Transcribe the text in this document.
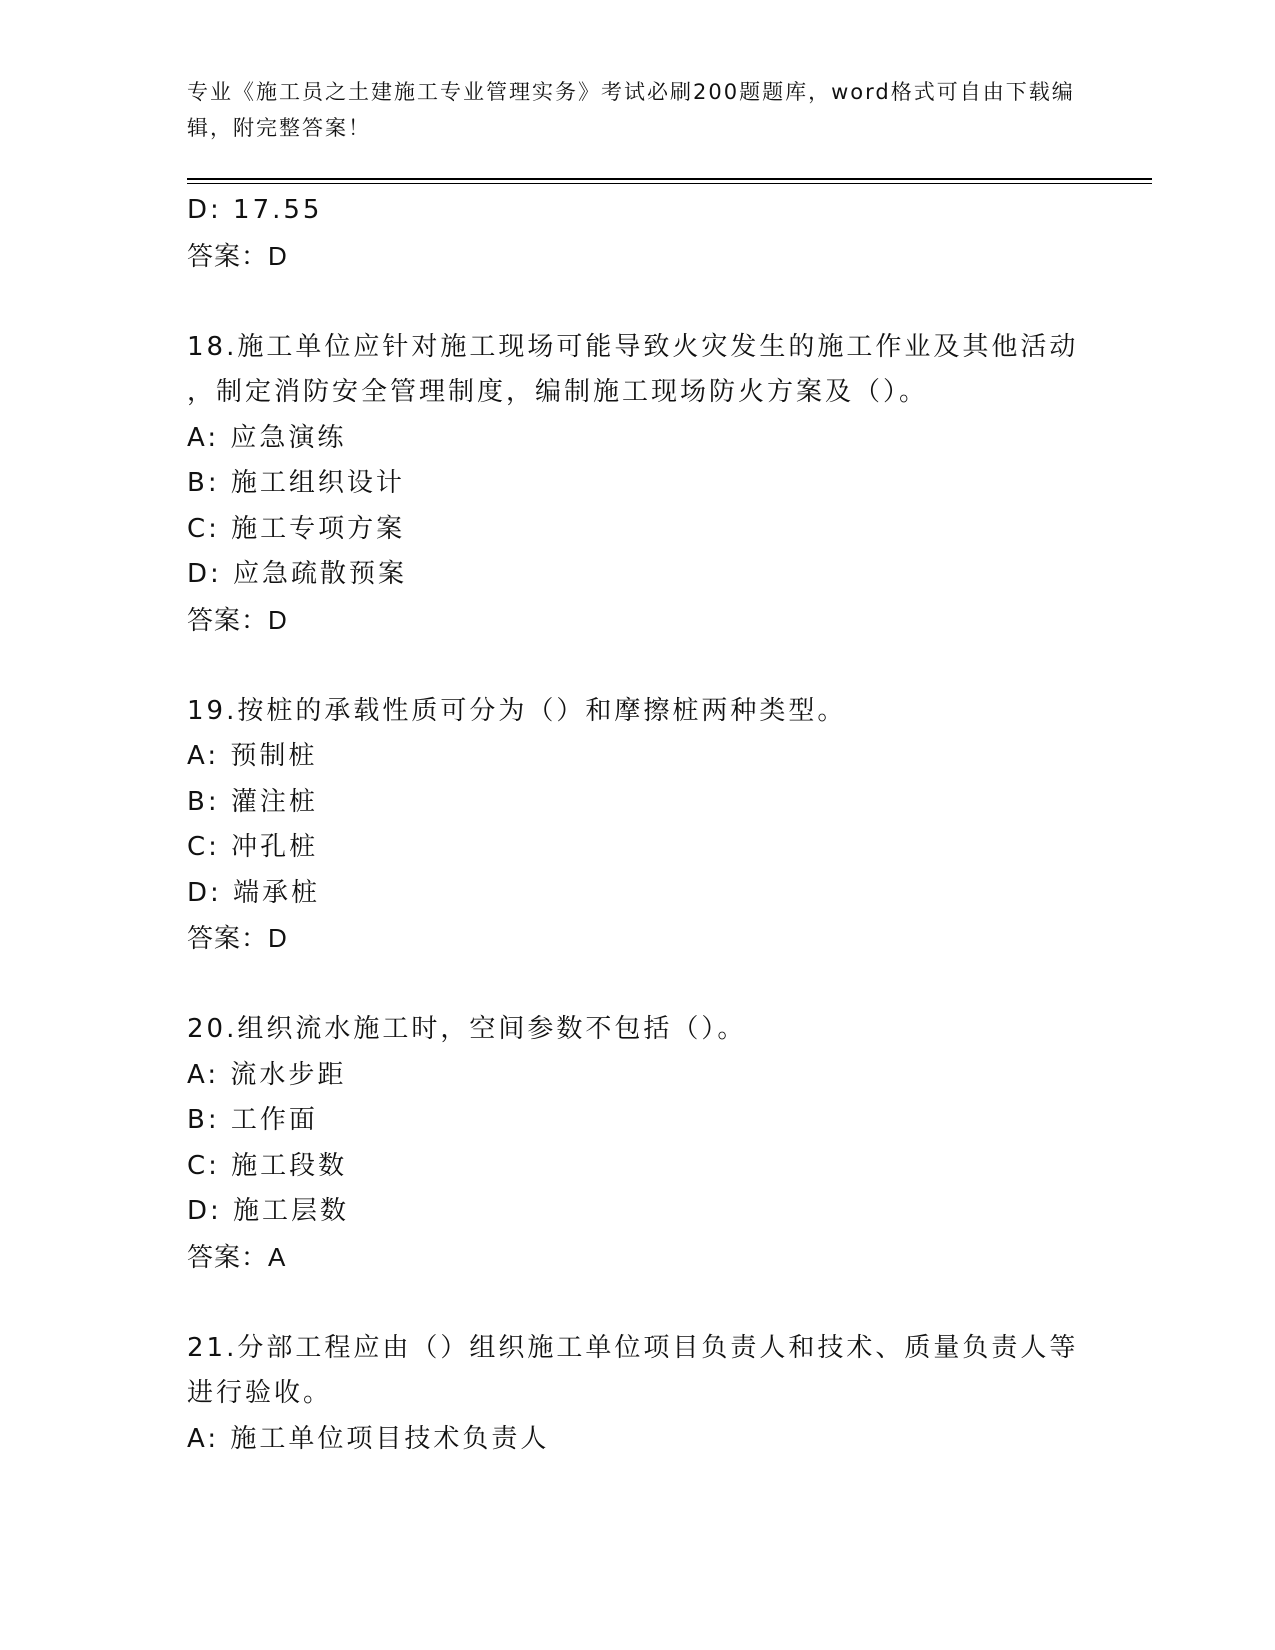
专业《施工员之土建施工专业管理实务》考试必刷200题题库，word格式可自由下载编辑，附完整答案！
D: 17.55
答案：D
18.施工单位应针对施工现场可能导致火灾发生的施工作业及其他活动
，制定消防安全管理制度，编制施工现场防火方案及（）。
A: 应急演练
B: 施工组织设计
C: 施工专项方案
D: 应急疏散预案
答案：D
19.按桩的承载性质可分为（）和摩擦桩两种类型。
A: 预制桩
B: 灌注桩
C: 冲孔桩
D: 端承桩
答案：D
20.组织流水施工时，空间参数不包括（）。
A: 流水步距
B: 工作面
C: 施工段数
D: 施工层数
答案：A
21.分部工程应由（）组织施工单位项目负责人和技术、质量负责人等
进行验收。
A: 施工单位项目技术负责人
